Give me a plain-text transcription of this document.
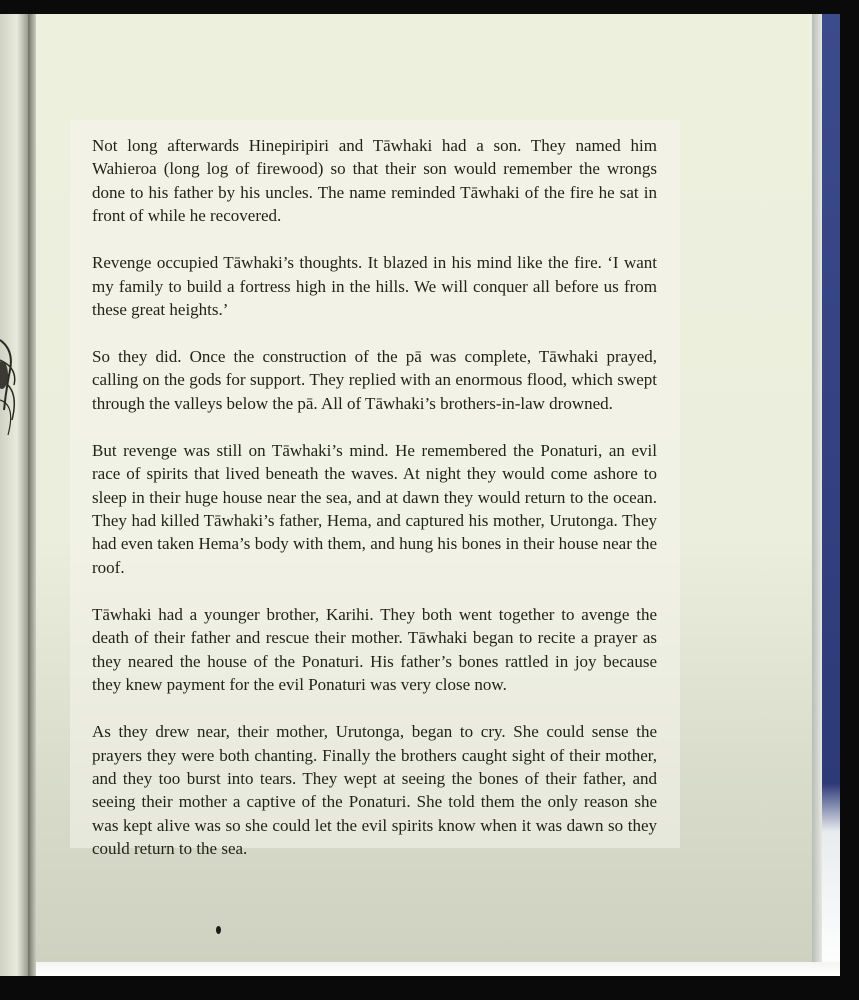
Not long afterwards Hinepiripiri and Tāwhaki had a son. They named him Wahieroa (long log of firewood) so that their son would remember the wrongs done to his father by his uncles. The name reminded Tāwhaki of the fire he sat in front of while he recovered.

Revenge occupied Tāwhaki’s thoughts. It blazed in his mind like the fire. ‘I want my family to build a fortress high in the hills. We will conquer all before us from these great heights.’

So they did. Once the construction of the pā was complete, Tāwhaki prayed, calling on the gods for support. They replied with an enormous flood, which swept through the valleys below the pā. All of Tāwhaki’s brothers-in-law drowned.

But revenge was still on Tāwhaki’s mind. He remembered the Ponaturi, an evil race of spirits that lived beneath the waves. At night they would come ashore to sleep in their huge house near the sea, and at dawn they would return to the ocean. They had killed Tāwhaki’s father, Hema, and captured his mother, Urutonga. They had even taken Hema’s body with them, and hung his bones in their house near the roof.

Tāwhaki had a younger brother, Karihi. They both went together to avenge the death of their father and rescue their mother. Tāwhaki began to recite a prayer as they neared the house of the Ponaturi. His father’s bones rattled in joy because they knew payment for the evil Ponaturi was very close now.

As they drew near, their mother, Urutonga, began to cry. She could sense the prayers they were both chanting. Finally the brothers caught sight of their mother, and they too burst into tears. They wept at seeing the bones of their father, and seeing their mother a captive of the Ponaturi. She told them the only reason she was kept alive was so she could let the evil spirits know when it was dawn so they could return to the sea.
